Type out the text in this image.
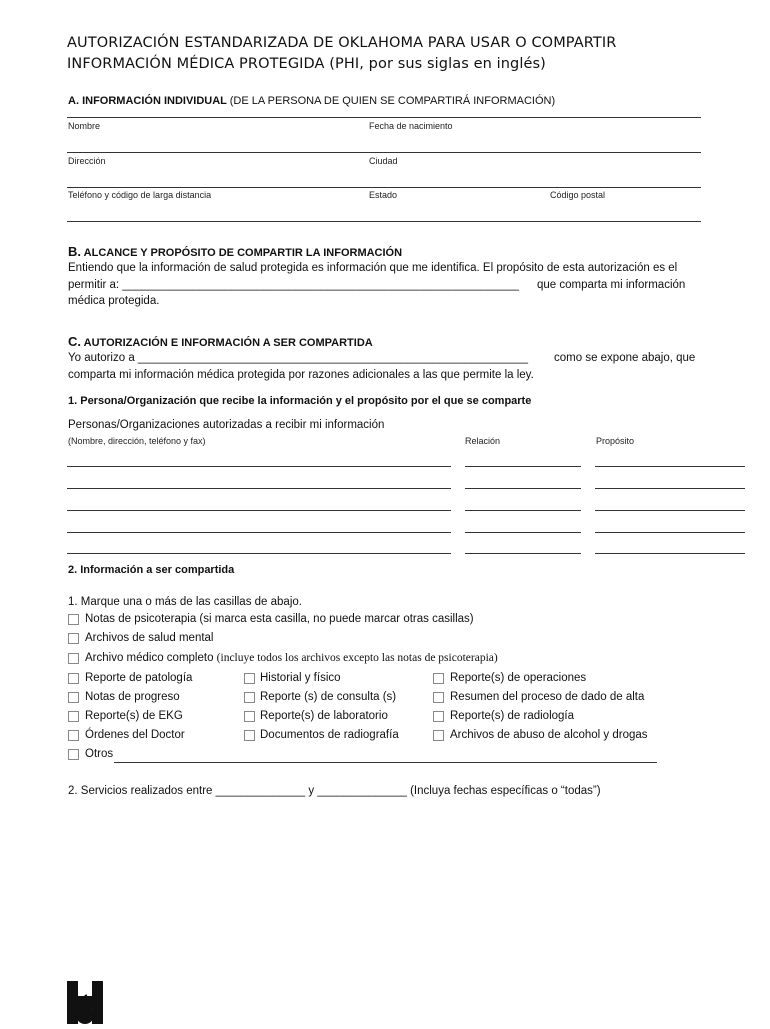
AUTORIZACIÓN ESTANDARIZADA DE OKLAHOMA PARA USAR O COMPARTIR
INFORMACIÓN MÉDICA PROTEGIDA (PHI, por sus siglas en inglés)
A. INFORMACIÓN INDIVIDUAL (DE LA PERSONA DE QUIEN SE COMPARTIRÁ INFORMACIÓN)
Nombre	Fecha de nacimiento
Dirección	Ciudad
Teléfono y código de larga distancia	Estado	Código postal
B. ALCANCE Y PROPÓSITO DE COMPARTIR LA INFORMACIÓN
Entiendo que la información de salud protegida es información que me identifica. El propósito de esta autorización es el
permitir a: ______________________________________________________________ que comparta mi información
médica protegida.
C. AUTORIZACIÓN E INFORMACIÓN A SER COMPARTIDA
Yo autorizo a _____________________________________________________________ como se expone abajo, que
comparta mi información médica protegida por razones adicionales a las que permite la ley.
1. Persona/Organización que recibe la información y el propósito por el que se comparte
Personas/Organizaciones autorizadas a recibir mi información
(Nombre, dirección, teléfono y fax)	Relación	Propósito
2. Información a ser compartida
1. Marque una o más de las casillas de abajo.
Notas de psicoterapia (si marca esta casilla, no puede marcar otras casillas)
Archivos de salud mental
Archivo médico completo (incluye todos los archivos excepto las notas de psicoterapia)
Reporte de patología	Historial y físico	Reporte(s) de operaciones
Notas de progreso	Reporte (s) de consulta (s)	Resumen del proceso de dado de alta
Reporte(s) de EKG	Reporte(s) de laboratorio	Reporte(s) de radiología
Órdenes del Doctor	Documentos de radiografía	Archivos de abuso de alcohol y drogas
Otros
2. Servicios realizados entre ______________ y ______________ (Incluya fechas específicas o “todas”)
